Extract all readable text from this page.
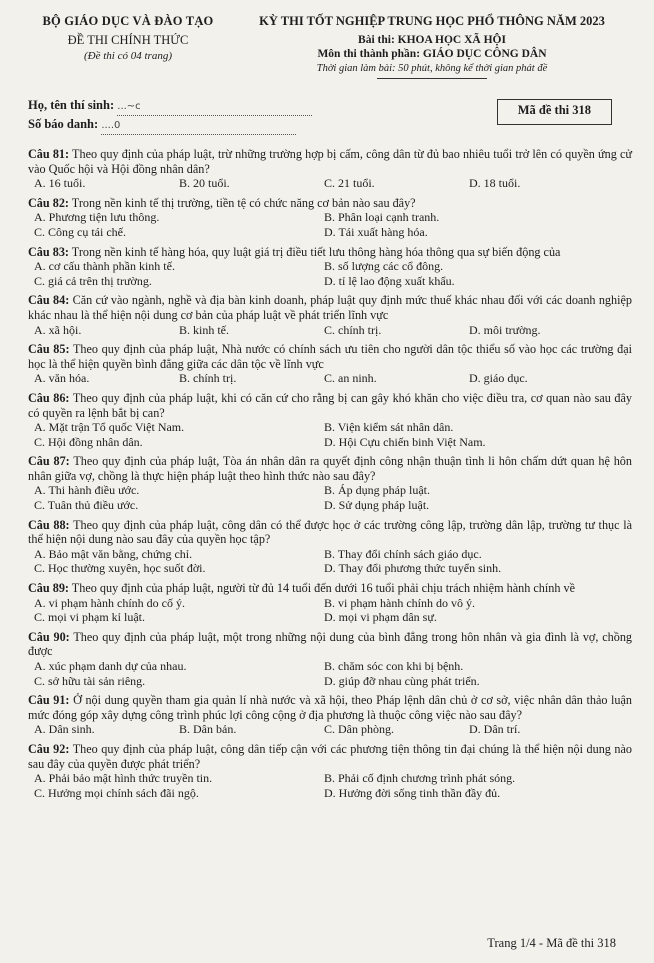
BỘ GIÁO DỤC VÀ ĐÀO TẠO
ĐỀ THI CHÍNH THỨC
(Đề thi có 04 trang)
KỲ THI TỐT NGHIỆP TRUNG HỌC PHỔ THÔNG NĂM 2023
Bài thi: KHOA HỌC XÃ HỘI
Môn thi thành phần: GIÁO DỤC CÔNG DÂN
Thời gian làm bài: 50 phút, không kể thời gian phát đề
Họ, tên thí sinh: ...~c
Số báo danh: ....0
Mã đề thi 318
Câu 81: Theo quy định của pháp luật, trừ những trường hợp bị cấm, công dân từ đủ bao nhiêu tuổi trở lên có quyền ứng cử vào Quốc hội và Hội đồng nhân dân?
A. 16 tuổi.	B. 20 tuổi.	C. 21 tuổi.	D. 18 tuổi.
Câu 82: Trong nền kinh tế thị trường, tiền tệ có chức năng cơ bản nào sau đây?
A. Phương tiện lưu thông.	B. Phân loại cạnh tranh.
C. Công cụ tái chế.	D. Tái xuất hàng hóa.
Câu 83: Trong nền kinh tế hàng hóa, quy luật giá trị điều tiết lưu thông hàng hóa thông qua sự biến động của
A. cơ cấu thành phần kinh tế.	B. số lượng các cổ đông.
C. giá cả trên thị trường.	D. tỉ lệ lao động xuất khẩu.
Câu 84: Căn cứ vào ngành, nghề và địa bàn kinh doanh, pháp luật quy định mức thuế khác nhau đối với các doanh nghiệp khác nhau là thể hiện nội dung cơ bản của pháp luật về phát triển lĩnh vực
A. xã hội.	B. kinh tế.	C. chính trị.	D. môi trường.
Câu 85: Theo quy định của pháp luật, Nhà nước có chính sách ưu tiên cho người dân tộc thiểu số vào học các trường đại học là thể hiện quyền bình đẳng giữa các dân tộc về lĩnh vực
A. văn hóa.	B. chính trị.	C. an ninh.	D. giáo dục.
Câu 86: Theo quy định của pháp luật, khi có căn cứ cho rằng bị can gây khó khăn cho việc điều tra, cơ quan nào sau đây có quyền ra lệnh bắt bị can?
A. Mặt trận Tổ quốc Việt Nam.	B. Viện kiểm sát nhân dân.
C. Hội đồng nhân dân.	D. Hội Cựu chiến binh Việt Nam.
Câu 87: Theo quy định của pháp luật, Tòa án nhân dân ra quyết định công nhận thuận tình li hôn chấm dứt quan hệ hôn nhân giữa vợ, chồng là thực hiện pháp luật theo hình thức nào sau đây?
A. Thi hành điều ước.	B. Áp dụng pháp luật.
C. Tuân thủ điều ước.	D. Sử dụng pháp luật.
Câu 88: Theo quy định của pháp luật, công dân có thể được học ở các trường công lập, trường dân lập, trường tư thục là thể hiện nội dung nào sau đây của quyền học tập?
A. Bảo mật văn bằng, chứng chỉ.	B. Thay đổi chính sách giáo dục.
C. Học thường xuyên, học suốt đời.	D. Thay đổi phương thức tuyển sinh.
Câu 89: Theo quy định của pháp luật, người từ đủ 14 tuổi đến dưới 16 tuổi phải chịu trách nhiệm hành chính về
A. vi phạm hành chính do cố ý.	B. vi phạm hành chính do vô ý.
C. mọi vi phạm kỉ luật.	D. mọi vi phạm dân sự.
Câu 90: Theo quy định của pháp luật, một trong những nội dung của bình đẳng trong hôn nhân và gia đình là vợ, chồng được
A. xúc phạm danh dự của nhau.	B. chăm sóc con khi bị bệnh.
C. sở hữu tài sản riêng.	D. giúp đỡ nhau cùng phát triển.
Câu 91: Ở nội dung quyền tham gia quản lí nhà nước và xã hội, theo Pháp lệnh dân chủ ở cơ sở, việc nhân dân thảo luận mức đóng góp xây dựng công trình phúc lợi công cộng ở địa phương là thuộc công việc nào sau đây?
A. Dân sinh.	B. Dân bản.	C. Dân phòng.	D. Dân trí.
Câu 92: Theo quy định của pháp luật, công dân tiếp cận với các phương tiện thông tin đại chúng là thể hiện nội dung nào sau đây của quyền được phát triển?
A. Phải bảo mật hình thức truyền tin.	B. Phải cố định chương trình phát sóng.
C. Hưởng mọi chính sách đãi ngộ.	D. Hưởng đời sống tinh thần đầy đủ.
Trang 1/4 - Mã đề thi 318
